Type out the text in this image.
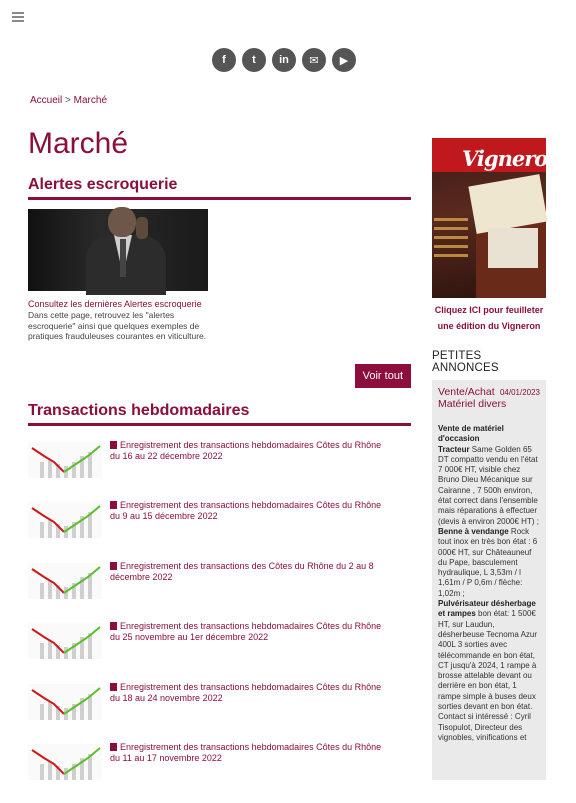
f	t	in	✉	▶
Accueil > Marché
Marché
Alertes escroquerie
Consultez les dernières Alertes escroquerie
Dans cette page, retrouvez les "alertes escroquerie" ainsi que quelques exemples de pratiques frauduleuses courantes en viticulture.
Voir tout
Transactions hebdomadaires
Enregistrement des transactions hebdomadaires Côtes du Rhône du 16 au 22 décembre 2022
Enregistrement des transactions hebdomadaires Côtes du Rhône du 9 au 15 décembre 2022
Enregistrement des transactions des Côtes du Rhône du 2 au 8 décembre 2022
Enregistrement des transactions hebdomadaires Côtes du Rhône du 25 novembre au 1er décembre 2022
Enregistrement des transactions hebdomadaires Côtes du Rhône du 18 au 24 novembre 2022
Enregistrement des transactions hebdomadaires Côtes du Rhône du 11 au 17 novembre 2022
Vigneron
Cliquez ICI pour feuilleter une édition du Vigneron
PETITES ANNONCES
04/01/2023
Vente/Achat Matériel divers
Vente de matériel d'occasion
Tracteur Same Golden 65 DT compatto vendu en l'état 7 000€ HT, visible chez Bruno Dieu Mécanique sur Cairanne , 7 500h environ, état correct dans l'ensemble mais réparations à effectuer (devis à environ 2000€ HT) ;
Benne à vendange Rock tout inox en très bon état : 6 000€ HT, sur Châteauneuf du Pape, basculement hydraulique, L 3,53m / l 1,61m / P 0,6m / flèche: 1,02m ;
Pulvérisateur désherbage et rampes bon état: 1 500€ HT, sur Laudun, désherbeuse Tecnoma Azur 400L 3 sorties avec télécommande en bon état, CT jusqu'à 2024, 1 rampe à brosse attelable devant ou derrière en bon état, 1 rampe simple à buses deux sorties devant en bon état.
Contact si intéressé : Cyril Tisopulot, Directeur des vignobles, vinifications et
